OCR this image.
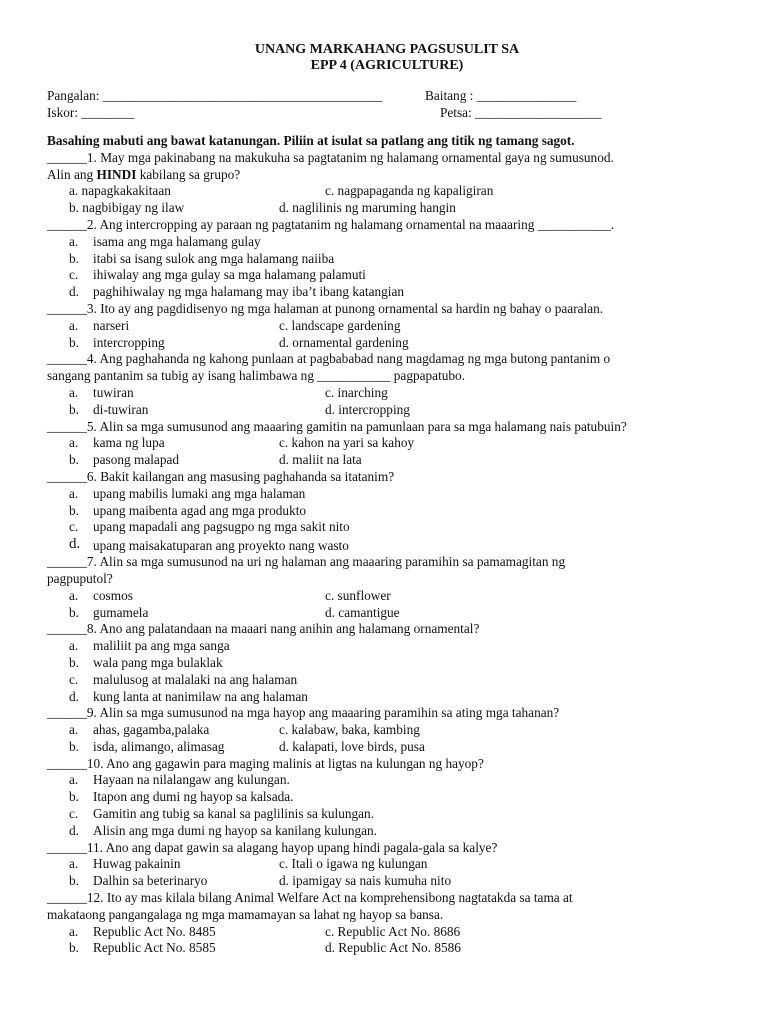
UNANG MARKAHANG PAGSUSULIT SA
EPP 4 (AGRICULTURE)
Pangalan: __________________________________________	Baitang : _______________
Iskor: ________	Petsa: ___________________
Basahing mabuti ang bawat katanungan. Piliin at isulat sa patlang ang titik ng tamang sagot.
______1. May mga pakinabang na makukuha sa pagtatanim ng halamang ornamental gaya ng sumusunod.
Alin ang HINDI kabilang sa grupo?
a. napagkakakitaan	c. nagpapaganda ng kapaligiran
b. nagbibigay ng ilaw	d. naglilinis ng maruming hangin
______2. Ang intercropping ay paraan ng pagtatanim ng halamang ornamental na maaaring ___________.
a. isama ang mga halamang gulay
b. itabi sa isang sulok ang mga halamang naiiba
c. ihiwalay ang mga gulay sa mga halamang palamuti
d. paghihiwalay ng mga halamang may iba’t ibang katangian
______3. Ito ay ang pagdidisenyo ng mga halaman at punong ornamental sa hardin ng bahay o paaralan.
a. narseri	c. landscape gardening
b. intercropping	d. ornamental gardening
______4. Ang paghahanda ng kahong punlaan at pagbababad nang magdamag ng mga butong pantanim o
sangang pantanim sa tubig ay isang halimbawa ng ___________ pagpapatubo.
a. tuwiran	c. inarching
b. di-tuwiran	d. intercropping
______5. Alin sa mga sumusunod ang maaaring gamitin na pamunlaan para sa mga halamang nais patubuin?
a. kama ng lupa	c. kahon na yari sa kahoy
b. pasong malapad	d. maliit na lata
______6. Bakit kailangan ang masusing paghahanda sa itatanim?
a. upang mabilis lumaki ang mga halaman
b. upang maibenta agad ang mga produkto
c. upang mapadali ang pagsugpo ng mga sakit nito
d. upang maisakatuparan ang proyekto nang wasto
______7. Alin sa mga sumusunod na uri ng halaman ang maaaring paramihin sa pamamagitan ng
pagpuputol?
a. cosmos	c. sunflower
b. gumamela	d. camantigue
______8. Ano ang palatandaan na maaari nang anihin ang halamang ornamental?
a. maliliit pa ang mga sanga
b. wala pang mga bulaklak
c. malulusog at malalaki na ang halaman
d. kung lanta at nanimilaw na ang halaman
______9. Alin sa mga sumusunod na mga hayop ang maaaring paramihin sa ating mga tahanan?
a. ahas, gagamba,palaka	c. kalabaw, baka, kambing
b. isda, alimango, alimasag	d. kalapati, love birds, pusa
______10. Ano ang gagawin para maging malinis at ligtas na kulungan ng hayop?
a. Hayaan na nilalangaw ang kulungan.
b. Itapon ang dumi ng hayop sa kalsada.
c. Gamitin ang tubig sa kanal sa paglilinis sa kulungan.
d. Alisin ang mga dumi ng hayop sa kanilang kulungan.
______11. Ano ang dapat gawin sa alagang hayop upang hindi pagala-gala sa kalye?
a. Huwag pakainin	c. Itali o igawa ng kulungan
b. Dalhin sa beterinaryo	d. ipamigay sa nais kumuha nito
______12. Ito ay mas kilala bilang Animal Welfare Act na komprehensibong nagtatakda sa tama at
makataong pangangalaga ng mga mamamayan sa lahat ng hayop sa bansa.
a. Republic Act No. 8485	c. Republic Act No. 8686
b. Republic Act No. 8585	d. Republic Act No. 8586
